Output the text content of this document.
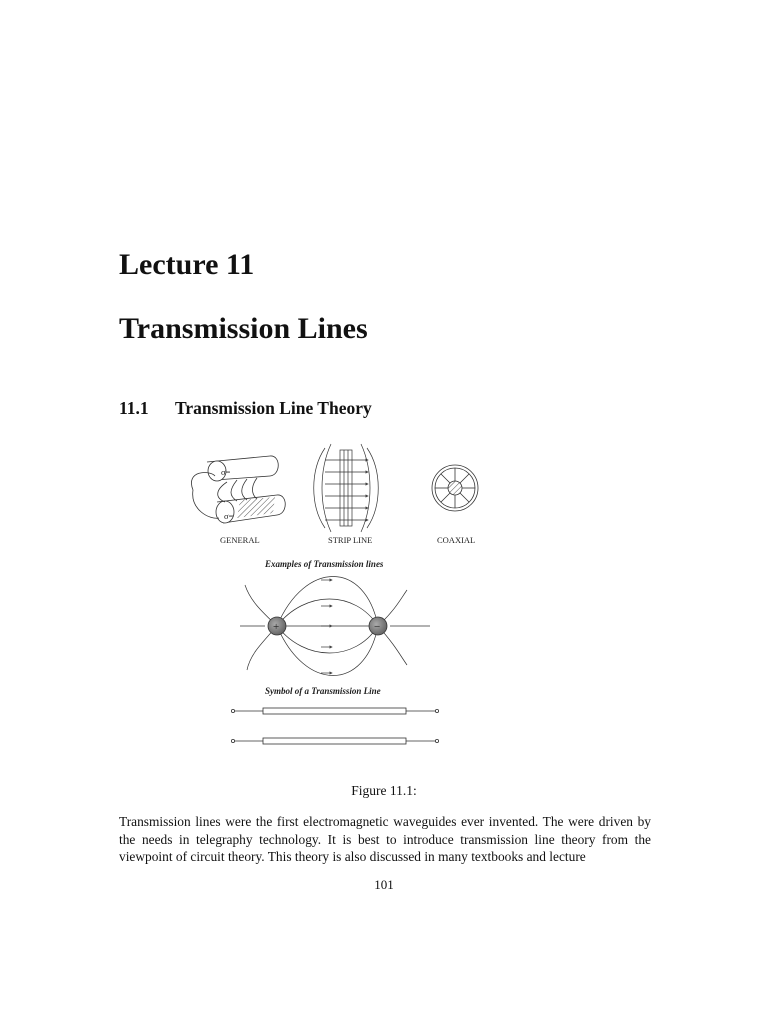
Lecture 11
Transmission Lines
11.1 Transmission Line Theory
σ=
σ=
GENERAL	STRIP LINE	COAXIAL
Examples of Transmission lines
+	−
Symbol of a Transmission Line
Figure 11.1:

Transmission lines were the first electromagnetic waveguides ever invented. The were driven by the needs in telegraphy technology. It is best to introduce transmission line theory from the viewpoint of circuit theory. This theory is also discussed in many textbooks and lecture

101
